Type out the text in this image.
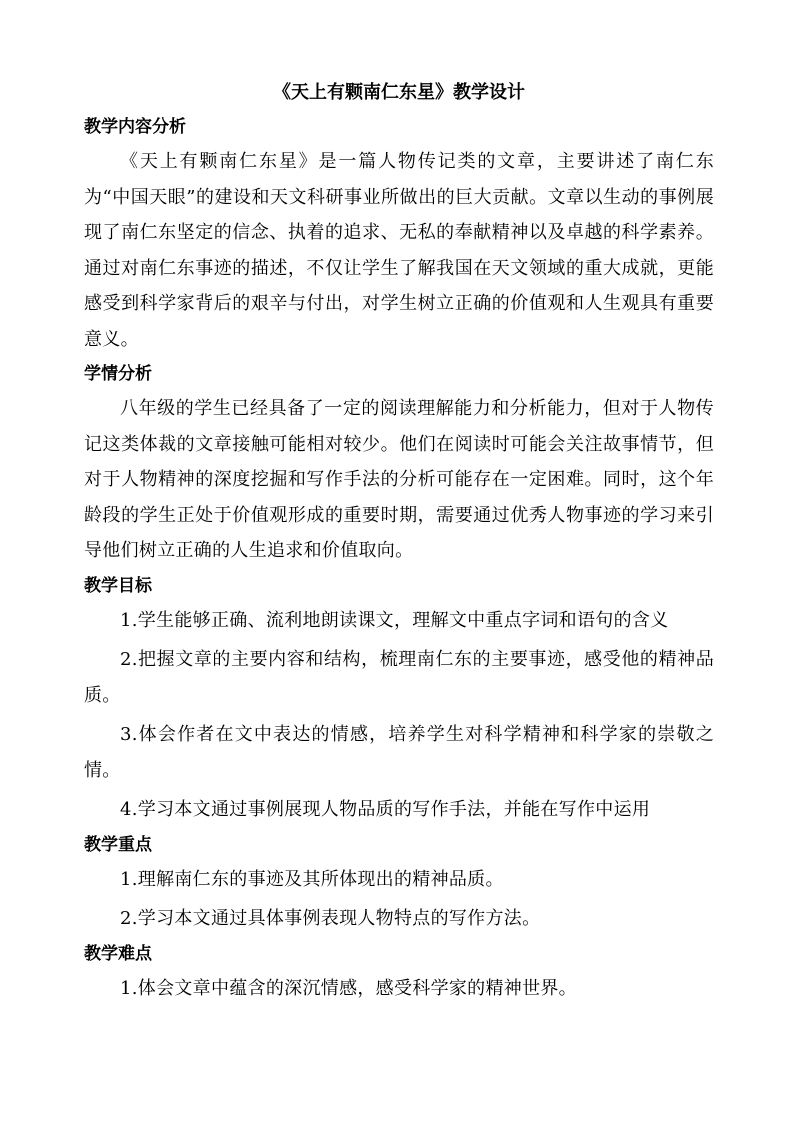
《天上有颗南仁东星》教学设计
教学内容分析

《天上有颗南仁东星》是一篇人物传记类的文章，主要讲述了南仁东为“中国天眼”的建设和天文科研事业所做出的巨大贡献。文章以生动的事例展现了南仁东坚定的信念、执着的追求、无私的奉献精神以及卓越的科学素养。通过对南仁东事迹的描述，不仅让学生了解我国在天文领域的重大成就，更能感受到科学家背后的艰辛与付出，对学生树立正确的价值观和人生观具有重要意义。

学情分析

八年级的学生已经具备了一定的阅读理解能力和分析能力，但对于人物传记这类体裁的文章接触可能相对较少。他们在阅读时可能会关注故事情节，但对于人物精神的深度挖掘和写作手法的分析可能存在一定困难。同时，这个年龄段的学生正处于价值观形成的重要时期，需要通过优秀人物事迹的学习来引导他们树立正确的人生追求和价值取向。

教学目标

1.学生能够正确、流利地朗读课文，理解文中重点字词和语句的含义

2.把握文章的主要内容和结构，梳理南仁东的主要事迹，感受他的精神品质。

3.体会作者在文中表达的情感，培养学生对科学精神和科学家的崇敬之情。

4.学习本文通过事例展现人物品质的写作手法，并能在写作中运用

教学重点

1.理解南仁东的事迹及其所体现出的精神品质。

2.学习本文通过具体事例表现人物特点的写作方法。

教学难点

1.体会文章中蕴含的深沉情感，感受科学家的精神世界。
